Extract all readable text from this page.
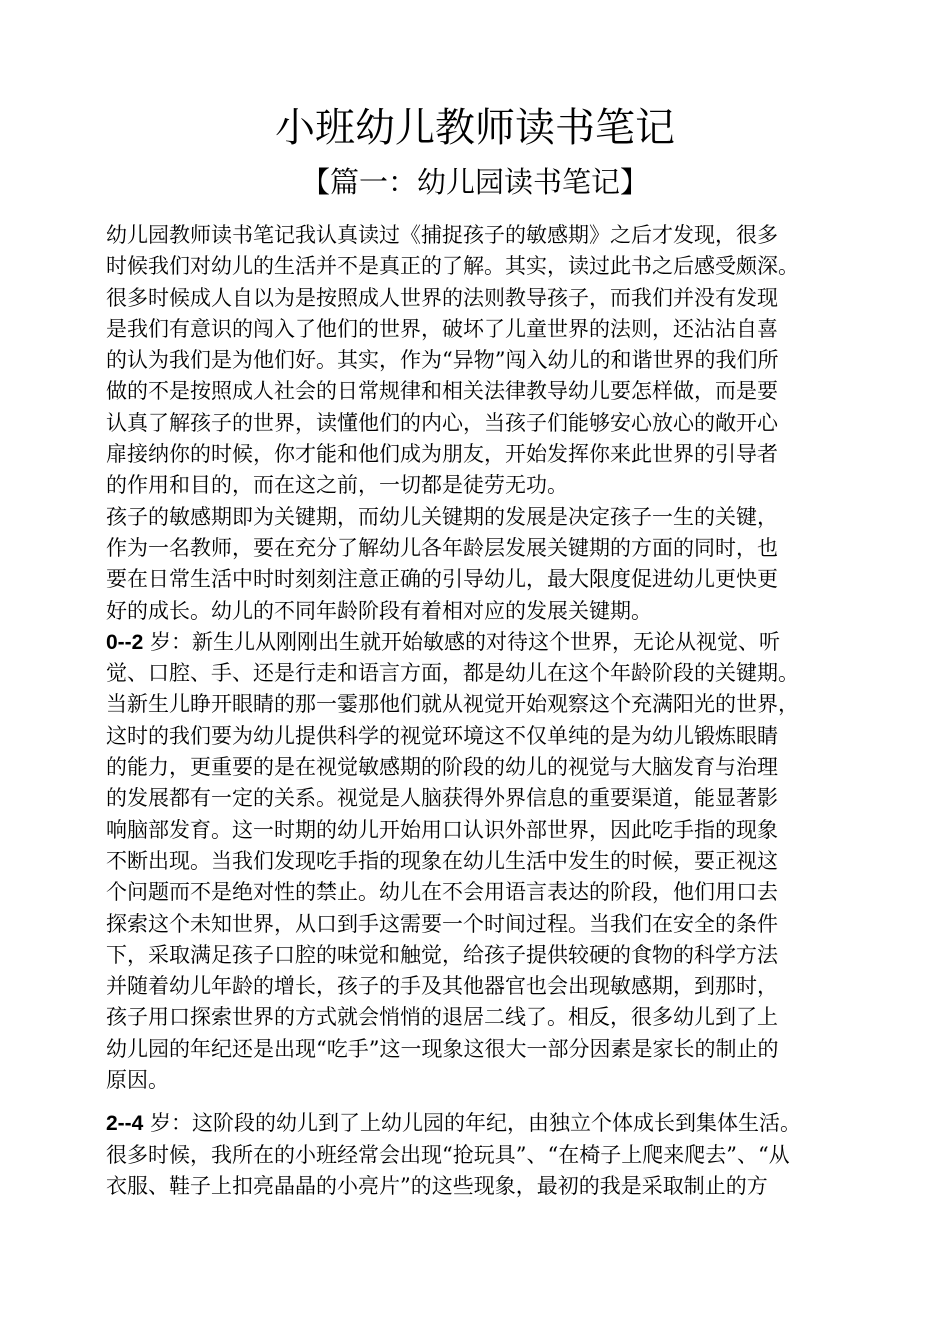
小班幼儿教师读书笔记
【篇一：幼儿园读书笔记】
幼儿园教师读书笔记我认真读过《捕捉孩子的敏感期》之后才发现，很多
时候我们对幼儿的生活并不是真正的了解。其实，读过此书之后感受颇深。
很多时候成人自以为是按照成人世界的法则教导孩子，而我们并没有发现
是我们有意识的闯入了他们的世界，破坏了儿童世界的法则，还沾沾自喜
的认为我们是为他们好。其实，作为“异物”闯入幼儿的和谐世界的我们所
做的不是按照成人社会的日常规律和相关法律教导幼儿要怎样做，而是要
认真了解孩子的世界，读懂他们的内心，当孩子们能够安心放心的敞开心
扉接纳你的时候，你才能和他们成为朋友，开始发挥你来此世界的引导者
的作用和目的，而在这之前，一切都是徒劳无功。
孩子的敏感期即为关键期，而幼儿关键期的发展是决定孩子一生的关键，
作为一名教师，要在充分了解幼儿各年龄层发展关键期的方面的同时，也
要在日常生活中时时刻刻注意正确的引导幼儿，最大限度促进幼儿更快更
好的成长。幼儿的不同年龄阶段有着相对应的发展关键期。
0--2 岁：新生儿从刚刚出生就开始敏感的对待这个世界，无论从视觉、听
觉、口腔、手、还是行走和语言方面，都是幼儿在这个年龄阶段的关键期。
当新生儿睁开眼睛的那一霎那他们就从视觉开始观察这个充满阳光的世界，
这时的我们要为幼儿提供科学的视觉环境这不仅单纯的是为幼儿锻炼眼睛
的能力，更重要的是在视觉敏感期的阶段的幼儿的视觉与大脑发育与治理
的发展都有一定的关系。视觉是人脑获得外界信息的重要渠道，能显著影
响脑部发育。这一时期的幼儿开始用口认识外部世界，因此吃手指的现象
不断出现。当我们发现吃手指的现象在幼儿生活中发生的时候，要正视这
个问题而不是绝对性的禁止。幼儿在不会用语言表达的阶段，他们用口去
探索这个未知世界，从口到手这需要一个时间过程。当我们在安全的条件
下，采取满足孩子口腔的味觉和触觉，给孩子提供较硬的食物的科学方法
并随着幼儿年龄的增长，孩子的手及其他器官也会出现敏感期，到那时，
孩子用口探索世界的方式就会悄悄的退居二线了。相反，很多幼儿到了上
幼儿园的年纪还是出现“吃手”这一现象这很大一部分因素是家长的制止的
原因。
2--4 岁：这阶段的幼儿到了上幼儿园的年纪，由独立个体成长到集体生活。
很多时候，我所在的小班经常会出现“抢玩具”、“在椅子上爬来爬去”、“从
衣服、鞋子上扣亮晶晶的小亮片”的这些现象，最初的我是采取制止的方
